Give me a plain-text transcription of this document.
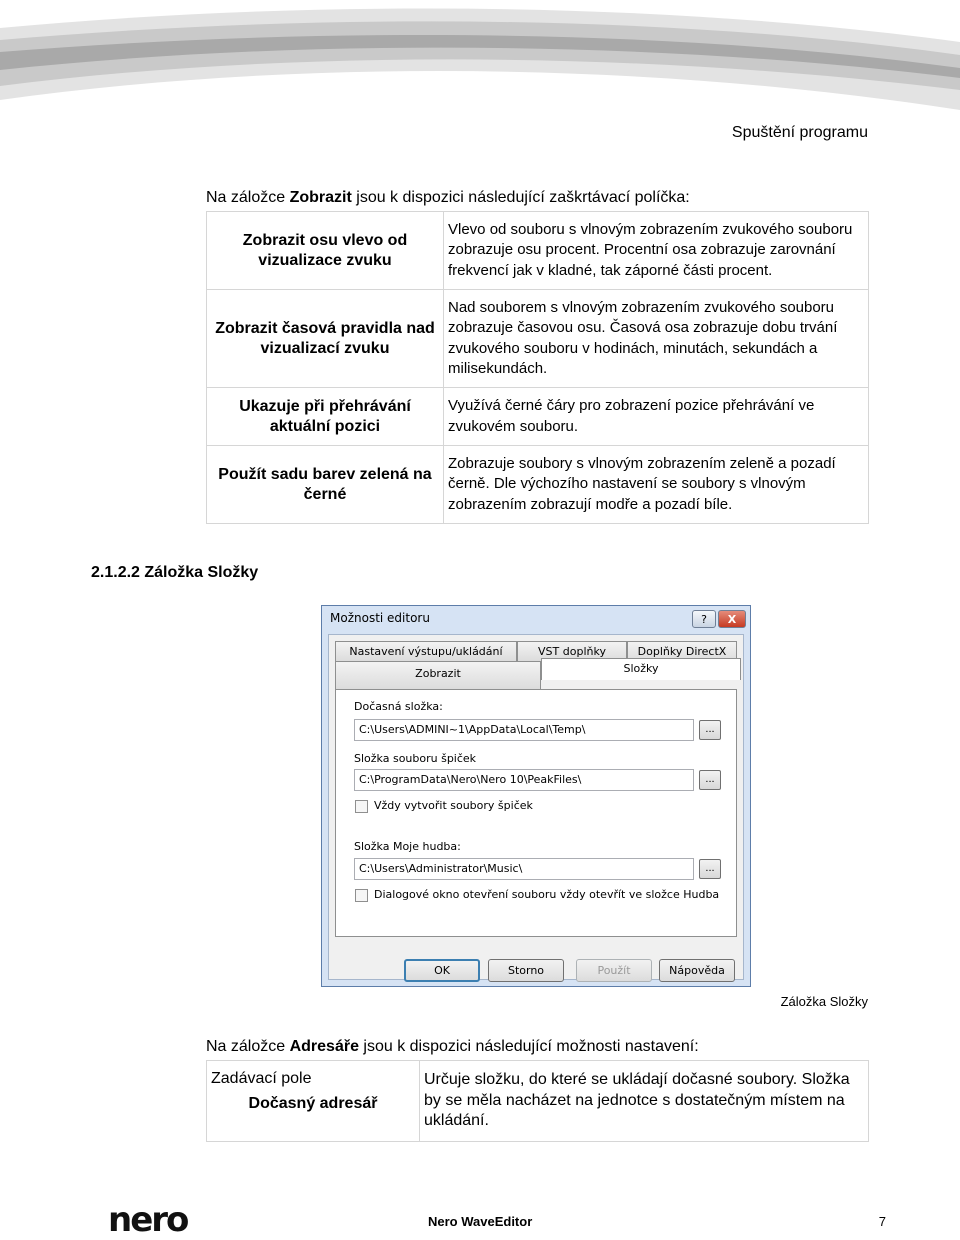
Spuštění programu
Na záložce Zobrazit jsou k dispozici následující zaškrtávací políčka:
Zobrazit osu vlevo od vizualizace zvuku	Vlevo od souboru s vlnovým zobrazením zvukového souboru zobrazuje osu procent. Procentní osa zobrazuje zarovnání frekvencí jak v kladné, tak záporné části procent.
Zobrazit časová pravidla nad vizualizací zvuku	Nad souborem s vlnovým zobrazením zvukového souboru zobrazuje časovou osu. Časová osa zobrazuje dobu trvání zvukového souboru v hodinách, minutách, sekundách a milisekundách.
Ukazuje při přehrávání aktuální pozici	Využívá černé čáry pro zobrazení pozice přehrávání ve zvukovém souboru.
Použít sadu barev zelená na černé	Zobrazuje soubory s vlnovým zobrazením zeleně a pozadí černě. Dle výchozího nastavení se soubory s vlnovým zobrazením zobrazují modře a pozadí bíle.
2.1.2.2 Záložka Složky
Možnosti editoru	?	X
Nastavení výstupu/ukládání	VST doplňky	Doplňky DirectX
Zobrazit	Složky
Dočasná složka:
C:\Users\ADMINI~1\AppData\Local\Temp\	...
Složka souboru špiček
C:\ProgramData\Nero\Nero 10\PeakFiles\	...
Vždy vytvořit soubory špiček
Složka Moje hudba:
C:\Users\Administrator\Music\	...
Dialogové okno otevření souboru vždy otevřít ve složce Hudba
OK	Storno	Použít	Nápověda
Záložka Složky
Na záložce Adresáře jsou k dispozici následující možnosti nastavení:
Zadávací pole
Dočasný adresář
	Určuje složku, do které se ukládají dočasné soubory. Složka by se měla nacházet na jednotce s dostatečným místem na ukládání.
nero	Nero WaveEditor	7
